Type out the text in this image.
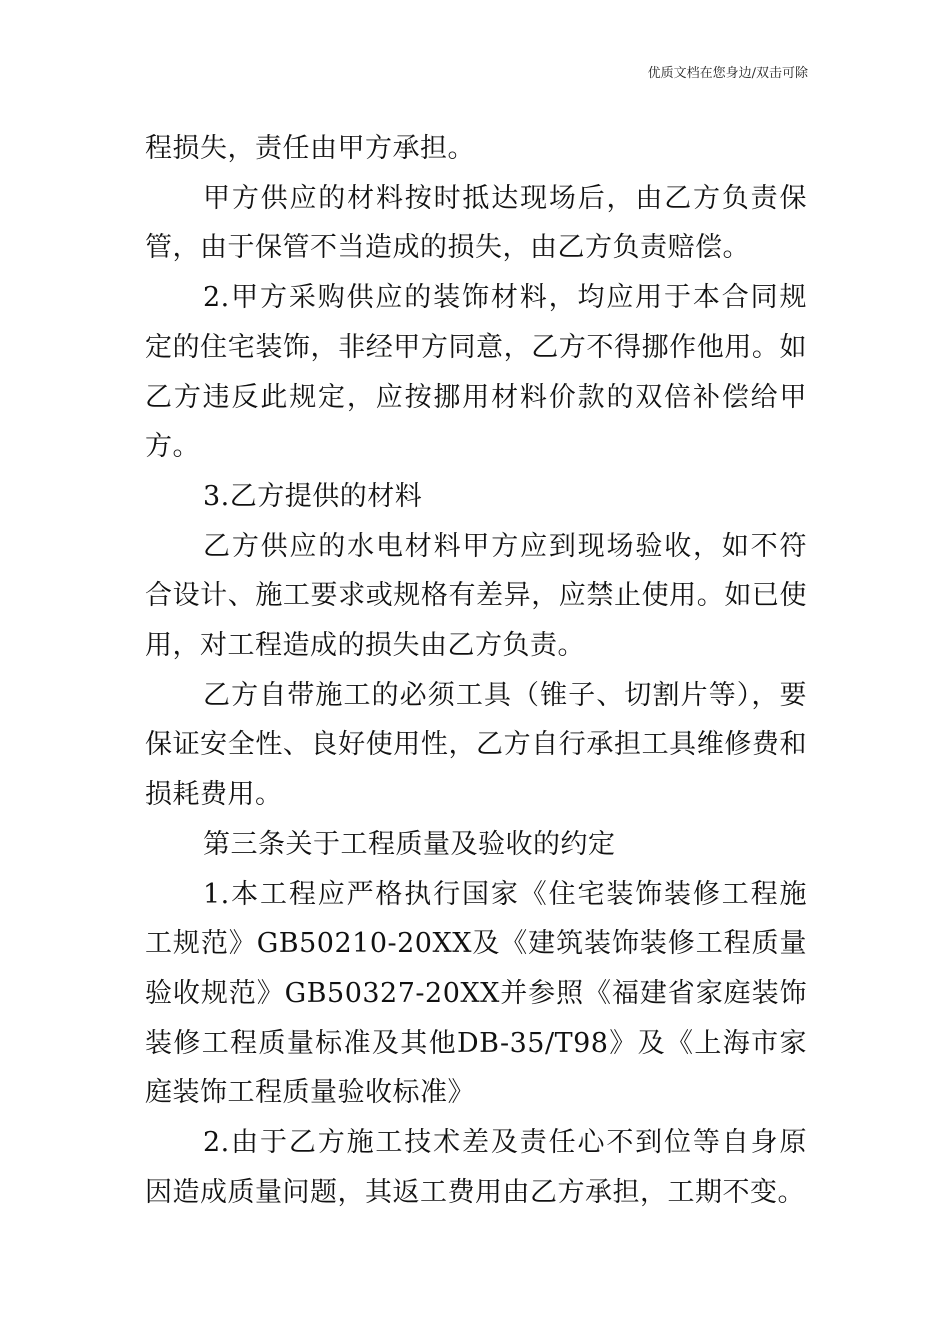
优质文档在您身边/双击可除

程损失，责任由甲方承担。

甲方供应的材料按时抵达现场后，由乙方负责保管，由于保管不当造成的损失，由乙方负责赔偿。

2.甲方采购供应的装饰材料，均应用于本合同规定的住宅装饰，非经甲方同意，乙方不得挪作他用。如乙方违反此规定，应按挪用材料价款的双倍补偿给甲方。

3.乙方提供的材料

乙方供应的水电材料甲方应到现场验收，如不符合设计、施工要求或规格有差异，应禁止使用。如已使用，对工程造成的损失由乙方负责。

乙方自带施工的必须工具（锥子、切割片等），要保证安全性、良好使用性，乙方自行承担工具维修费和损耗费用。

第三条关于工程质量及验收的约定

1.本工程应严格执行国家《住宅装饰装修工程施工规范》GB50210-20XX及《建筑装饰装修工程质量验收规范》GB50327-20XX并参照《福建省家庭装饰装修工程质量标准及其他DB-35/T98》及《上海市家庭装饰工程质量验收标准》

2.由于乙方施工技术差及责任心不到位等自身原因造成质量问题，其返工费用由乙方承担，工期不变。
